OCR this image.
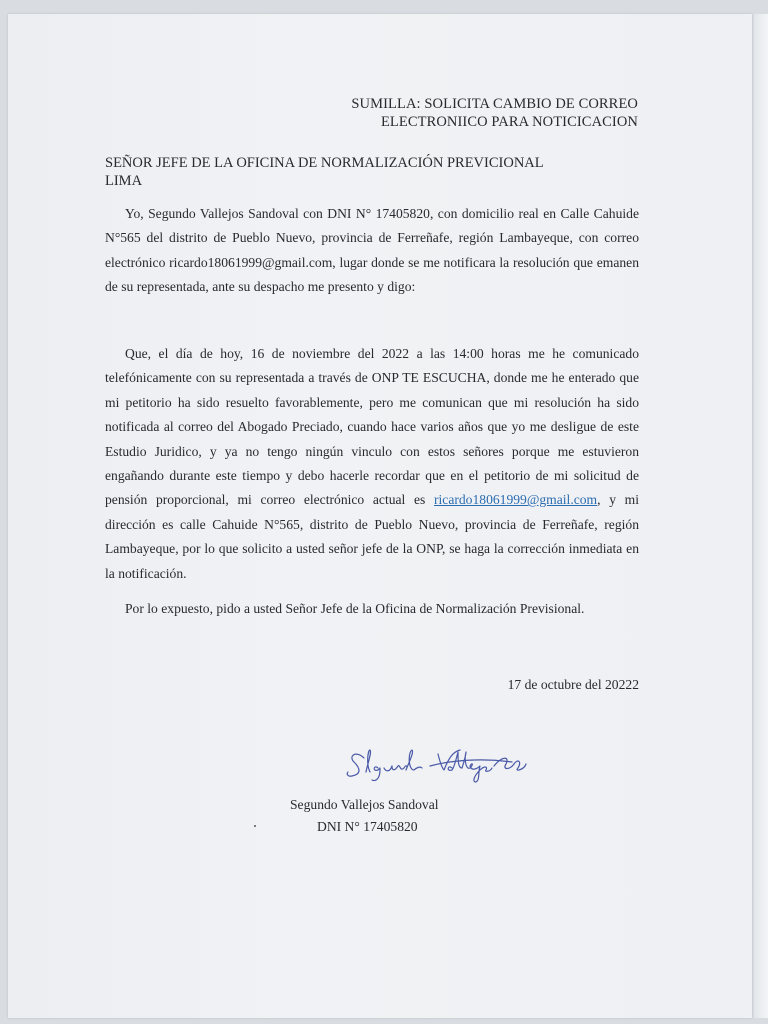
SUMILLA: SOLICITA CAMBIO DE CORREO
ELECTRONIICO PARA NOTICICACION
SEÑOR JEFE DE LA OFICINA DE NORMALIZACIÓN PREVICIONAL
LIMA

Yo, Segundo Vallejos Sandoval con DNI N° 17405820, con domicilio real en Calle Cahuide N°565 del distrito de Pueblo Nuevo, provincia de Ferreñafe, región Lambayeque, con correo electrónico ricardo18061999@gmail.com, lugar donde se me notificara la resolución que emanen de su representada, ante su despacho me presento y digo:

Que, el día de hoy, 16 de noviembre del 2022 a las 14:00 horas me he comunicado telefónicamente con su representada a través de ONP TE ESCUCHA, donde me he enterado que mi petitorio ha sido resuelto favorablemente, pero me comunican que mi resolución ha sido notificada al correo del Abogado Preciado, cuando hace varios años que yo me desligue de este Estudio Juridico, y ya no tengo ningún vinculo con estos señores porque me estuvieron engañando durante este tiempo y debo hacerle recordar que en el petitorio de mi solicitud de pensión proporcional, mi correo electrónico actual es ricardo18061999@gmail.com, y mi dirección es calle Cahuide N°565, distrito de Pueblo Nuevo, provincia de Ferreñafe, región Lambayeque, por lo que solicito a usted señor jefe de la ONP, se haga la corrección inmediata en la notificación.

Por lo expuesto, pido a usted Señor Jefe de la Oficina de Normalización Previsional.

17 de octubre del 20222
Segundo Vallejos Sandoval
DNI N° 17405820
